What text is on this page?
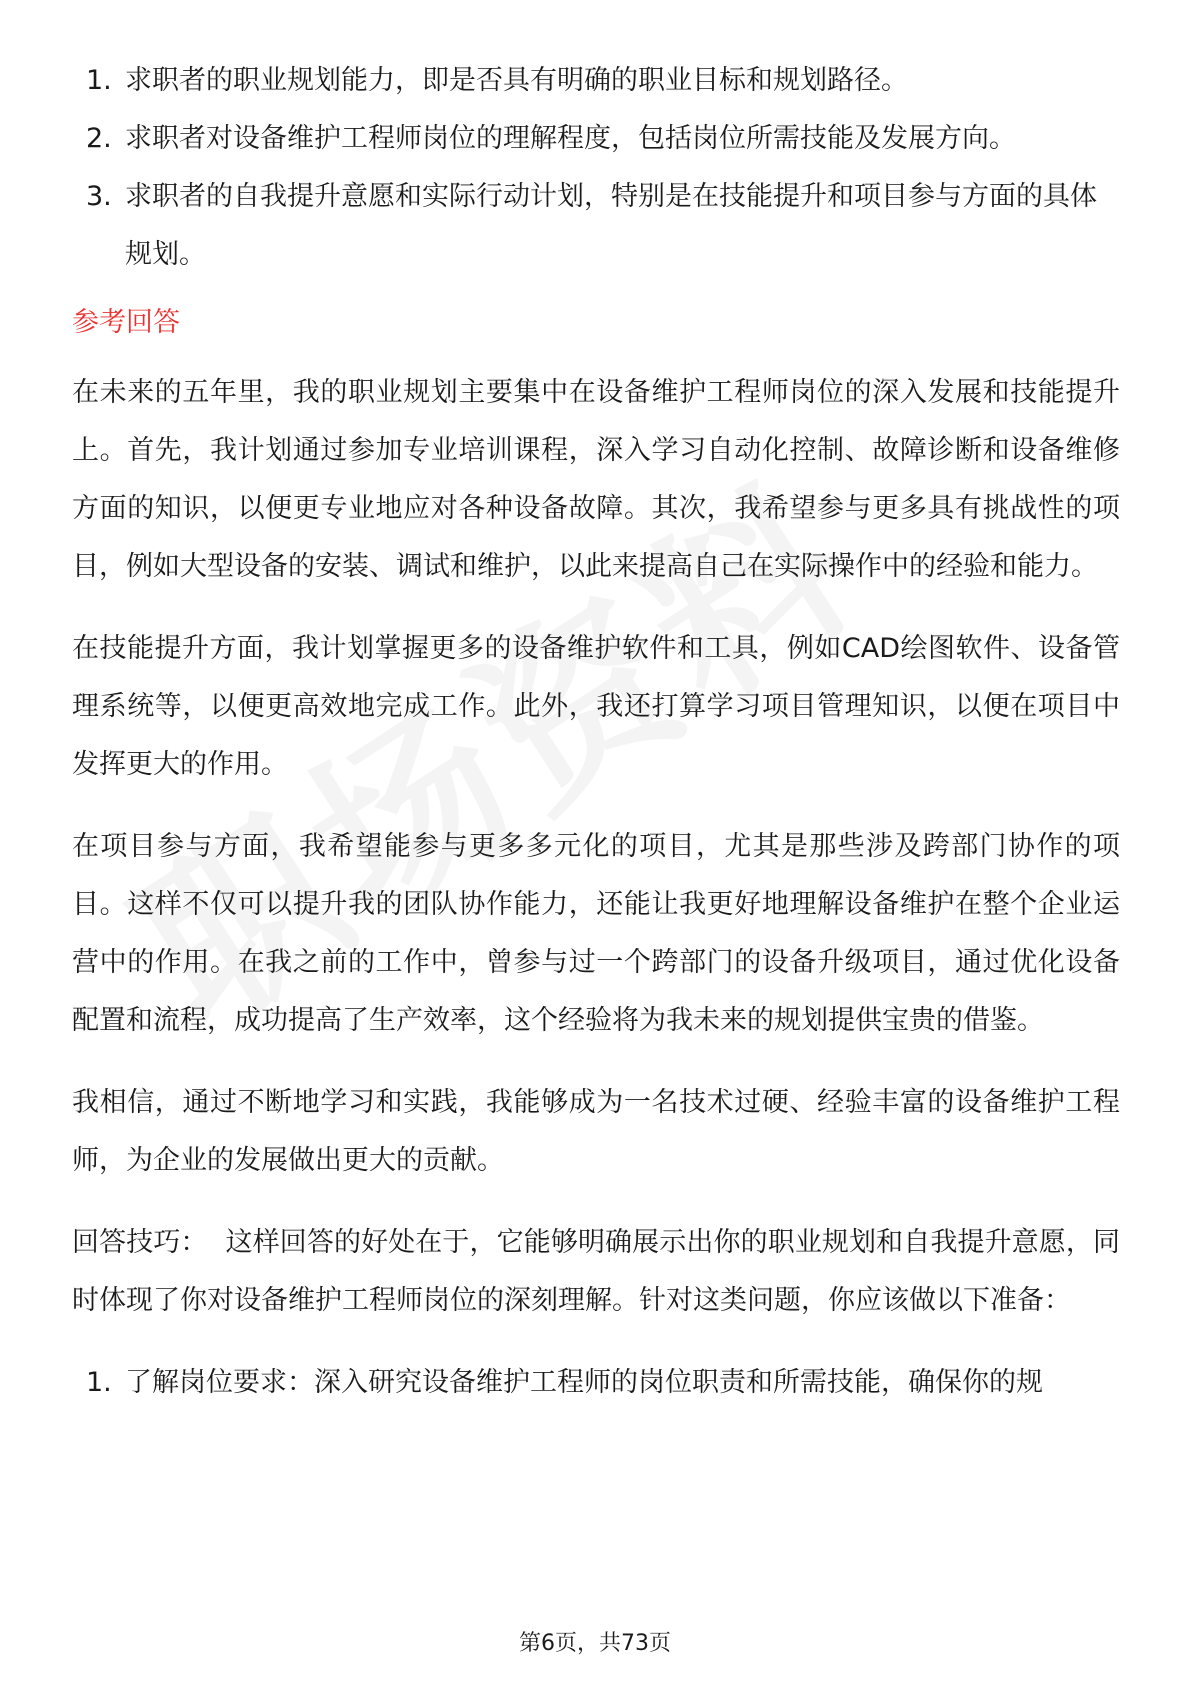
1. 求职者的职业规划能力，即是否具有明确的职业目标和规划路径。
2. 求职者对设备维护工程师岗位的理解程度，包括岗位所需技能及发展方向。
3. 求职者的自我提升意愿和实际行动计划，特别是在技能提升和项目参与方面的具体规划。
参考回答

在未来的五年里，我的职业规划主要集中在设备维护工程师岗位的深入发展和技能提升上。首先，我计划通过参加专业培训课程，深入学习自动化控制、故障诊断和设备维修方面的知识，以便更专业地应对各种设备故障。其次，我希望参与更多具有挑战性的项目，例如大型设备的安装、调试和维护，以此来提高自己在实际操作中的经验和能力。

在技能提升方面，我计划掌握更多的设备维护软件和工具，例如CAD绘图软件、设备管理系统等，以便更高效地完成工作。此外，我还打算学习项目管理知识，以便在项目中发挥更大的作用。

在项目参与方面，我希望能参与更多多元化的项目，尤其是那些涉及跨部门协作的项目。这样不仅可以提升我的团队协作能力，还能让我更好地理解设备维护在整个企业运营中的作用。在我之前的工作中，曾参与过一个跨部门的设备升级项目，通过优化设备配置和流程，成功提高了生产效率，这个经验将为我未来的规划提供宝贵的借鉴。

我相信，通过不断地学习和实践，我能够成为一名技术过硬、经验丰富的设备维护工程师，为企业的发展做出更大的贡献。

回答技巧： 这样回答的好处在于，它能够明确展示出你的职业规划和自我提升意愿，同时体现了你对设备维护工程师岗位的深刻理解。针对这类问题，你应该做以下准备：

1. 了解岗位要求：深入研究设备维护工程师的岗位职责和所需技能，确保你的规
第6页，共73页
